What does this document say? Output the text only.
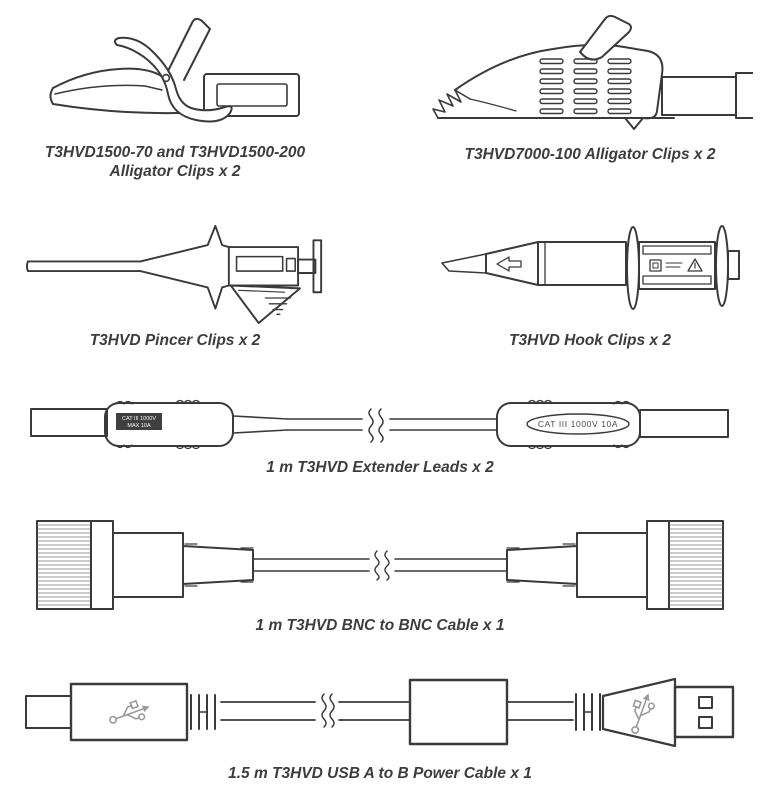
T3HVD1500-70 and T3HVD1500-200
Alligator Clips x 2
T3HVD7000-100 Alligator Clips x 2
T3HVD Pincer Clips x 2	T3HVD Hook Clips x 2
CAT III 1000V
MAX 10A	CAT III 1000V 10A
1 m T3HVD Extender Leads x 2
1 m T3HVD BNC to BNC Cable x 1
1.5 m T3HVD USB A to B Power Cable x 1
